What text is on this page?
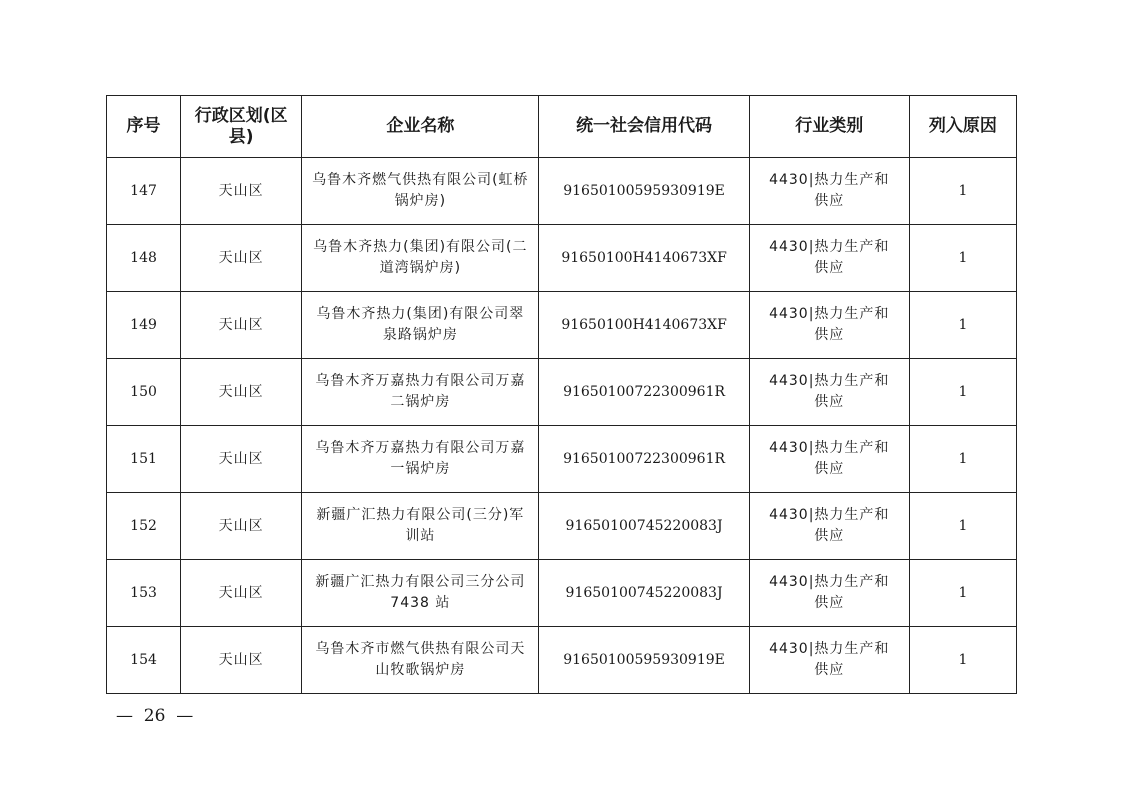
序号	行政区划(区县)	企业名称	统一社会信用代码	行业类别	列入原因
147	天山区	乌鲁木齐燃气供热有限公司(虹桥锅炉房)	91650100595930919E	4430|热力生产和供应	1
148	天山区	乌鲁木齐热力(集团)有限公司(二道湾锅炉房)	91650100H4140673XF	4430|热力生产和供应	1
149	天山区	乌鲁木齐热力(集团)有限公司翠泉路锅炉房	91650100H4140673XF	4430|热力生产和供应	1
150	天山区	乌鲁木齐万嘉热力有限公司万嘉二锅炉房	91650100722300961R	4430|热力生产和供应	1
151	天山区	乌鲁木齐万嘉热力有限公司万嘉一锅炉房	91650100722300961R	4430|热力生产和供应	1
152	天山区	新疆广汇热力有限公司(三分)军训站	91650100745220083J	4430|热力生产和供应	1
153	天山区	新疆广汇热力有限公司三分公司 7438 站	91650100745220083J	4430|热力生产和供应	1
154	天山区	乌鲁木齐市燃气供热有限公司天山牧歌锅炉房	91650100595930919E	4430|热力生产和供应	1
—  26  —
